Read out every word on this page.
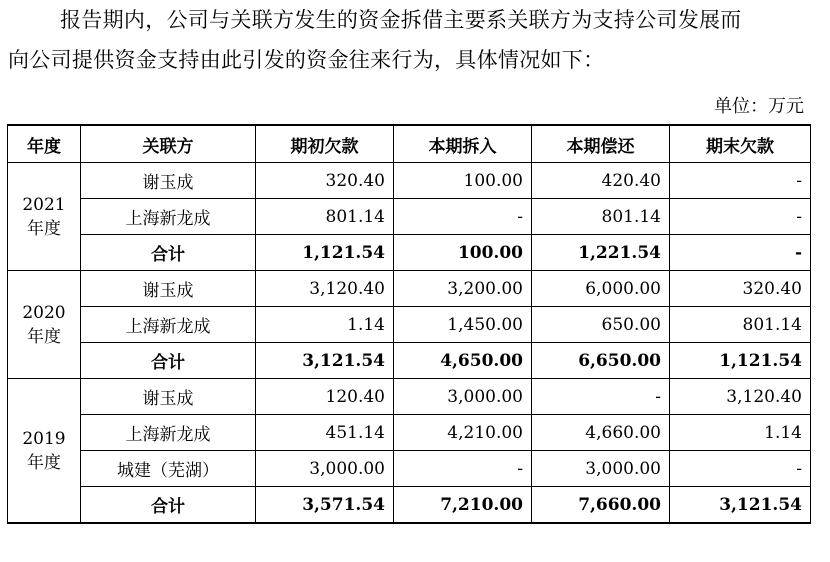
报告期内，公司与关联方发生的资金拆借主要系关联方为支持公司发展而
向公司提供资金支持由此引发的资金往来行为，具体情况如下：
单位：万元
年度	关联方	期初欠款	本期拆入	本期偿还	期末欠款

2021
年度	谢玉成	320.40	100.00	420.40	-
	上海新龙成	801.14	-	801.14	-
	合计	1,121.54	100.00	1,221.54	-

2020
年度	谢玉成	3,120.40	3,200.00	6,000.00	320.40
	上海新龙成	1.14	1,450.00	650.00	801.14
	合计	3,121.54	4,650.00	6,650.00	1,121.54

2019
年度	谢玉成	120.40	3,000.00	-	3,120.40
	上海新龙成	451.14	4,210.00	4,660.00	1.14
	城建（芜湖）	3,000.00	-	3,000.00	-
	合计	3,571.54	7,210.00	7,660.00	3,121.54
